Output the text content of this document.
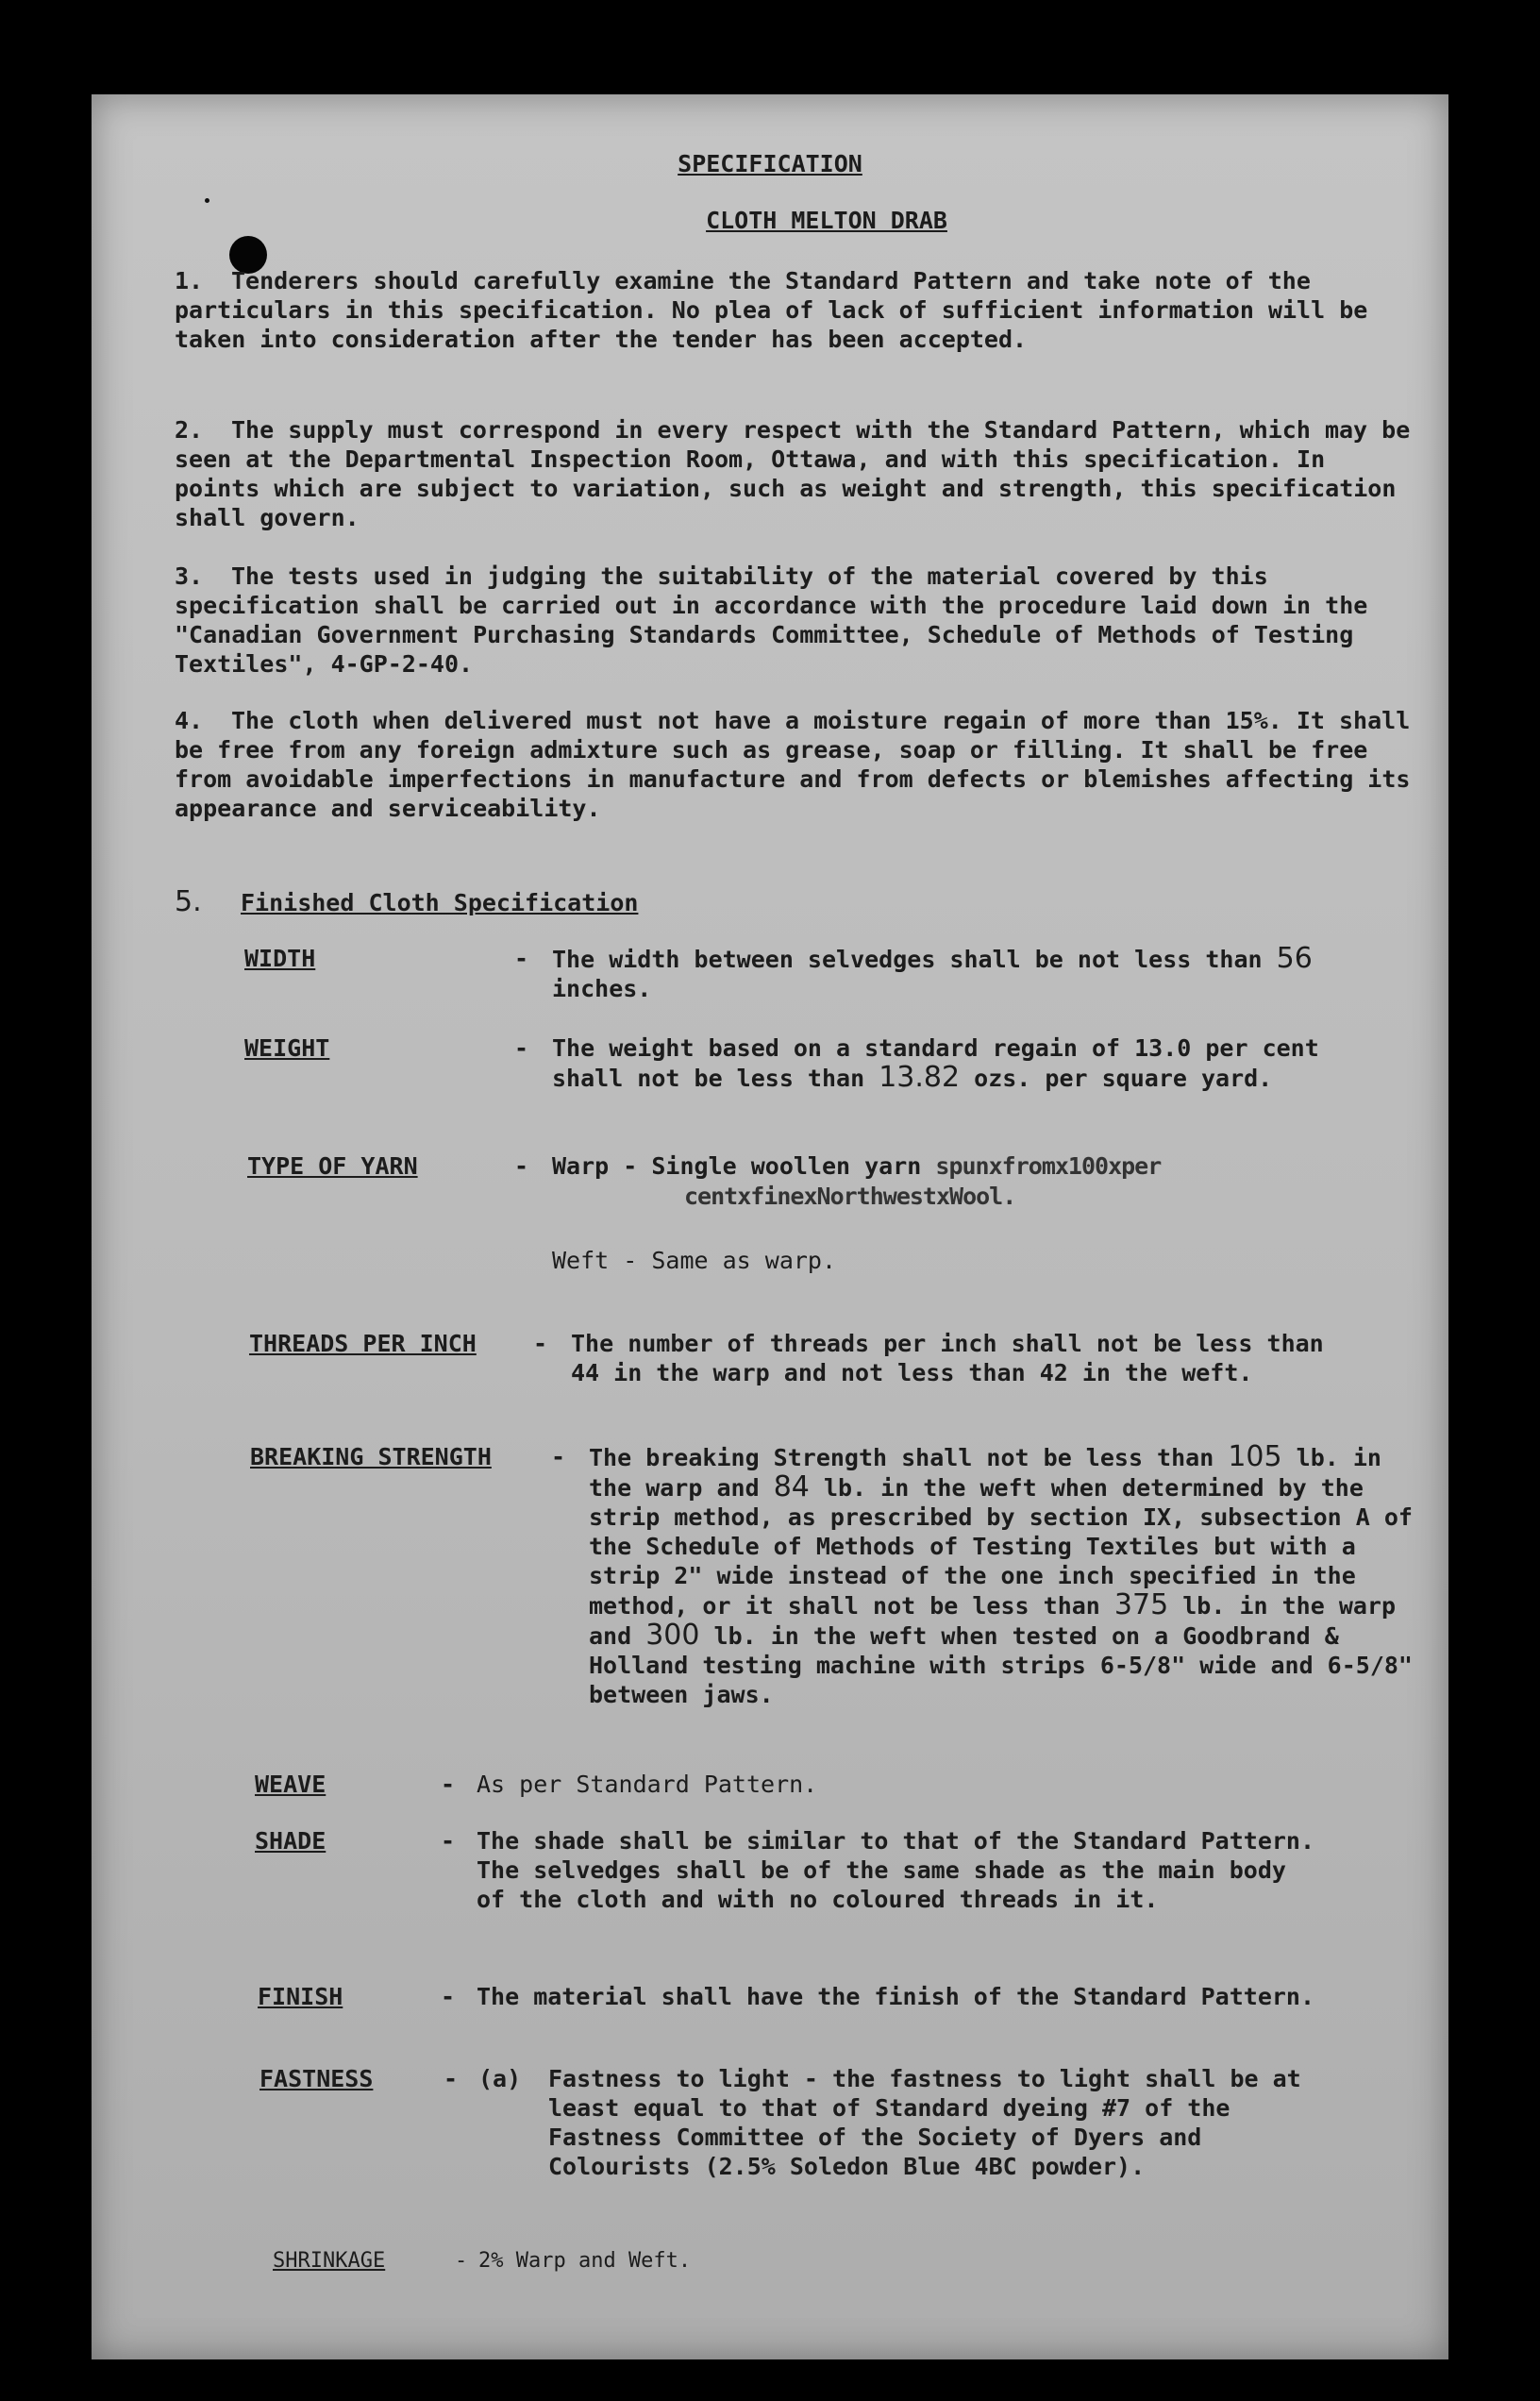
SPECIFICATION
CLOTH MELTON DRAB
1. Tenderers should carefully examine the Standard Pattern and take note of the particulars in this specification. No plea of lack of sufficient information will be taken into consideration after the tender has been accepted.
2. The supply must correspond in every respect with the Standard Pattern, which may be seen at the Departmental Inspection Room, Ottawa, and with this specification. In points which are subject to variation, such as weight and strength, this specification shall govern.
3. The tests used in judging the suitability of the material covered by this specification shall be carried out in accordance with the procedure laid down in the "Canadian Government Purchasing Standards Committee, Schedule of Methods of Testing Textiles", 4-GP-2-40.
4. The cloth when delivered must not have a moisture regain of more than 15%. It shall be free from any foreign admixture such as grease, soap or filling. It shall be free from avoidable imperfections in manufacture and from defects or blemishes affecting its appearance and serviceability.
5. Finished Cloth Specification
WIDTH	- The width between selvedges shall be not less than 56 inches.
WEIGHT	- The weight based on a standard regain of 13.0 per cent shall not be less than 13.82 ozs. per square yard.
TYPE OF YARN	- Warp - Single woollen yarn spunxfromx100xper
centxfinexNorthwestxWool.
Weft - Same as warp.
THREADS PER INCH - The number of threads per inch shall not be less than 44 in the warp and not less than 42 in the weft.
BREAKING STRENGTH	- The breaking Strength shall not be less than 105 lb. in the warp and 84 lb. in the weft when determined by the strip method, as prescribed by section IX, subsection A of the Schedule of Methods of Testing Textiles but with a strip 2" wide instead of the one inch specified in the method, or it shall not be less than 375 lb. in the warp and 300 lb. in the weft when tested on a Goodbrand & Holland testing machine with strips 6-5/8" wide and 6-5/8" between jaws.
WEAVE	- As per Standard Pattern.
SHADE	- The shade shall be similar to that of the Standard Pattern. The selvedges shall be of the same shade as the main body of the cloth and with no coloured threads in it.
FINISH	- The material shall have the finish of the Standard Pattern.
FASTNESS	- (a) Fastness to light - the fastness to light shall be at least equal to that of Standard dyeing #7 of the Fastness Committee of the Society of Dyers and Colourists (2.5% Soledon Blue 4BC powder).
SHRINKAGE	- 2% Warp and Weft.
